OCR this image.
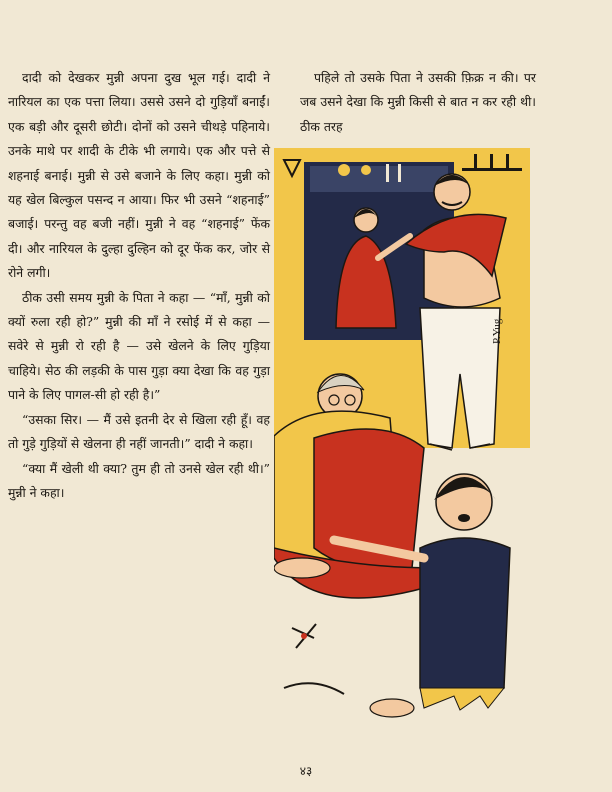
दादी को देखकर मुन्नी अपना दुख भूल गई। दादी ने नारियल का एक पत्ता लिया। उससे उसने दो गुड़ियाँ बनाईं। एक बड़ी और दूसरी छोटी। दोनों को उसने चीथड़े पहिनाये। उनके माथे पर शादी के टीके भी लगाये। एक और पत्ते से शहनाई बनाई। मुन्नी से उसे बजाने के लिए कहा। मुन्नी को यह खेल बिल्कुल पसन्द न आया। फिर भी उसने “शहनाई” बजाई। परन्तु वह बजी नहीं। मुन्नी ने वह “शहनाई” फेंक दी। और नारियल के दुल्हा दुल्हिन को दूर फेंक कर, जोर से रोने लगी।

ठीक उसी समय मुन्नी के पिता ने कहा — “माँ, मुन्नी को क्यों रुला रही हो?” मुन्नी की माँ ने रसोई में से कहा — सवेरे से मुन्नी रो रही है — उसे खेलने के लिए गुड़िया चाहिये। सेठ की लड़की के पास गुड़ा क्या देखा कि वह गुड़ा पाने के लिए पागल-सी हो रही है।”

“उसका सिर। — मैं उसे इतनी देर से खिला रही हूँ। वह तो गुड़े गुड़ियों से खेलना ही नहीं जानती।” दादी ने कहा।

“क्या मैं खेली थी क्या? तुम ही तो उनसे खेल रही थी।” मुन्नी ने कहा।

पहिले तो उसके पिता ने उसकी फ़िक्र न की। पर जब उसने देखा कि मुन्नी किसी से बात न कर रही थी। ठीक तरह

P.Yug
४३
